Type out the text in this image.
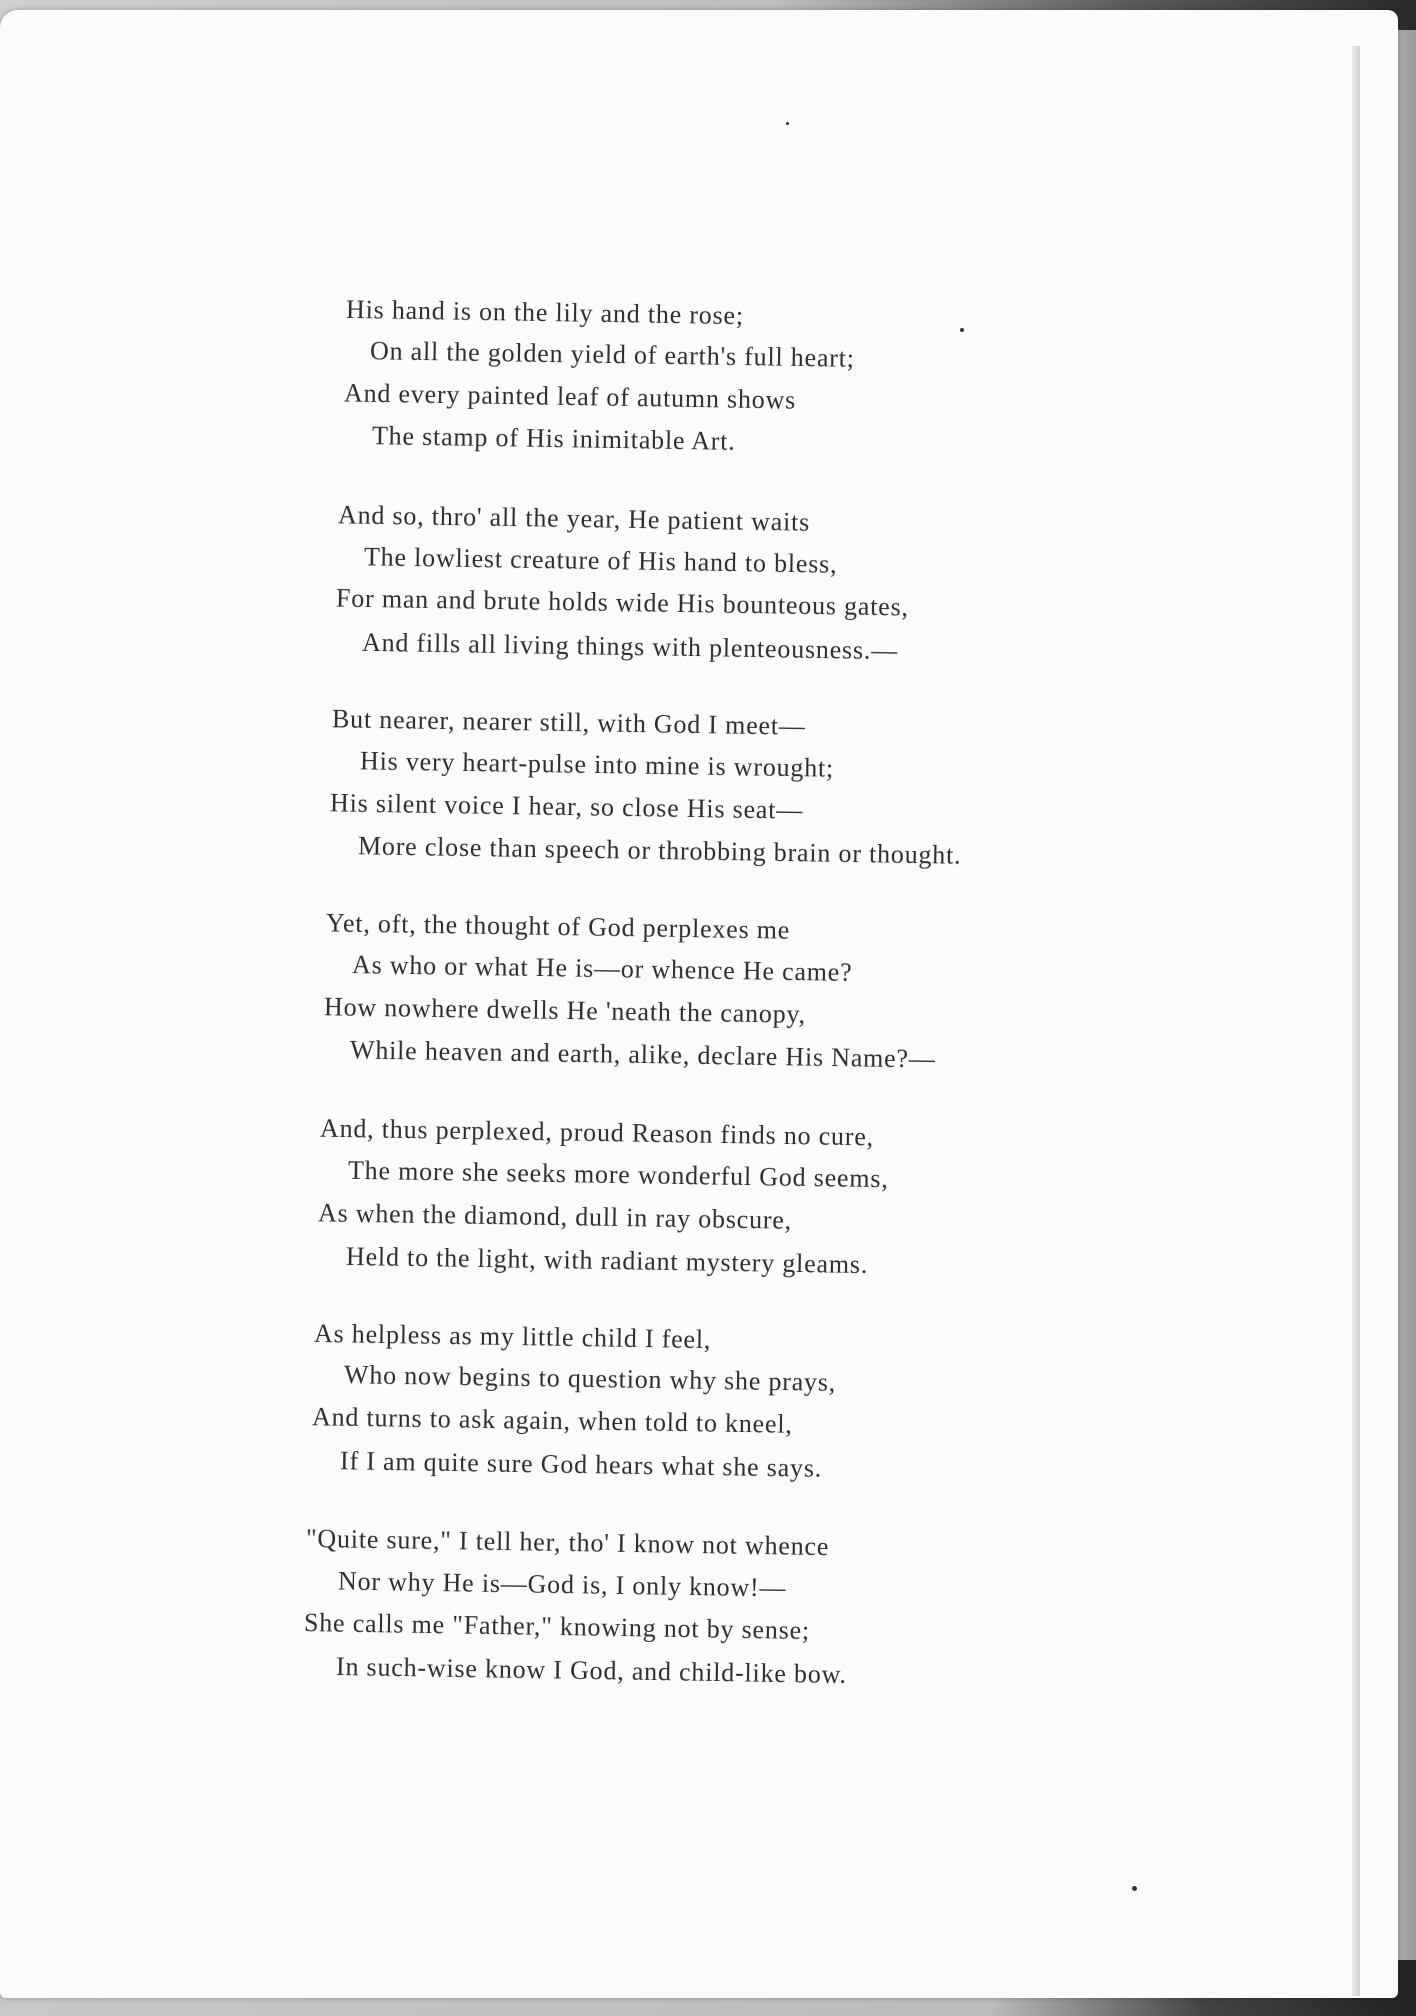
His hand is on the lily and the rose;
On all the golden yield of earth's full heart;
And every painted leaf of autumn shows
The stamp of His inimitable Art.
And so, thro' all the year, He patient waits
The lowliest creature of His hand to bless,
For man and brute holds wide His bounteous gates,
And fills all living things with plenteousness.—
But nearer, nearer still, with God I meet—
His very heart-pulse into mine is wrought;
His silent voice I hear, so close His seat—
More close than speech or throbbing brain or thought.
Yet, oft, the thought of God perplexes me
As who or what He is—or whence He came?
How nowhere dwells He 'neath the canopy,
While heaven and earth, alike, declare His Name?—
And, thus perplexed, proud Reason finds no cure,
The more she seeks more wonderful God seems,
As when the diamond, dull in ray obscure,
Held to the light, with radiant mystery gleams.
As helpless as my little child I feel,
Who now begins to question why she prays,
And turns to ask again, when told to kneel,
If I am quite sure God hears what she says.
"Quite sure," I tell her, tho' I know not whence
Nor why He is—God is, I only know!—
She calls me "Father," knowing not by sense;
In such-wise know I God, and child-like bow.
